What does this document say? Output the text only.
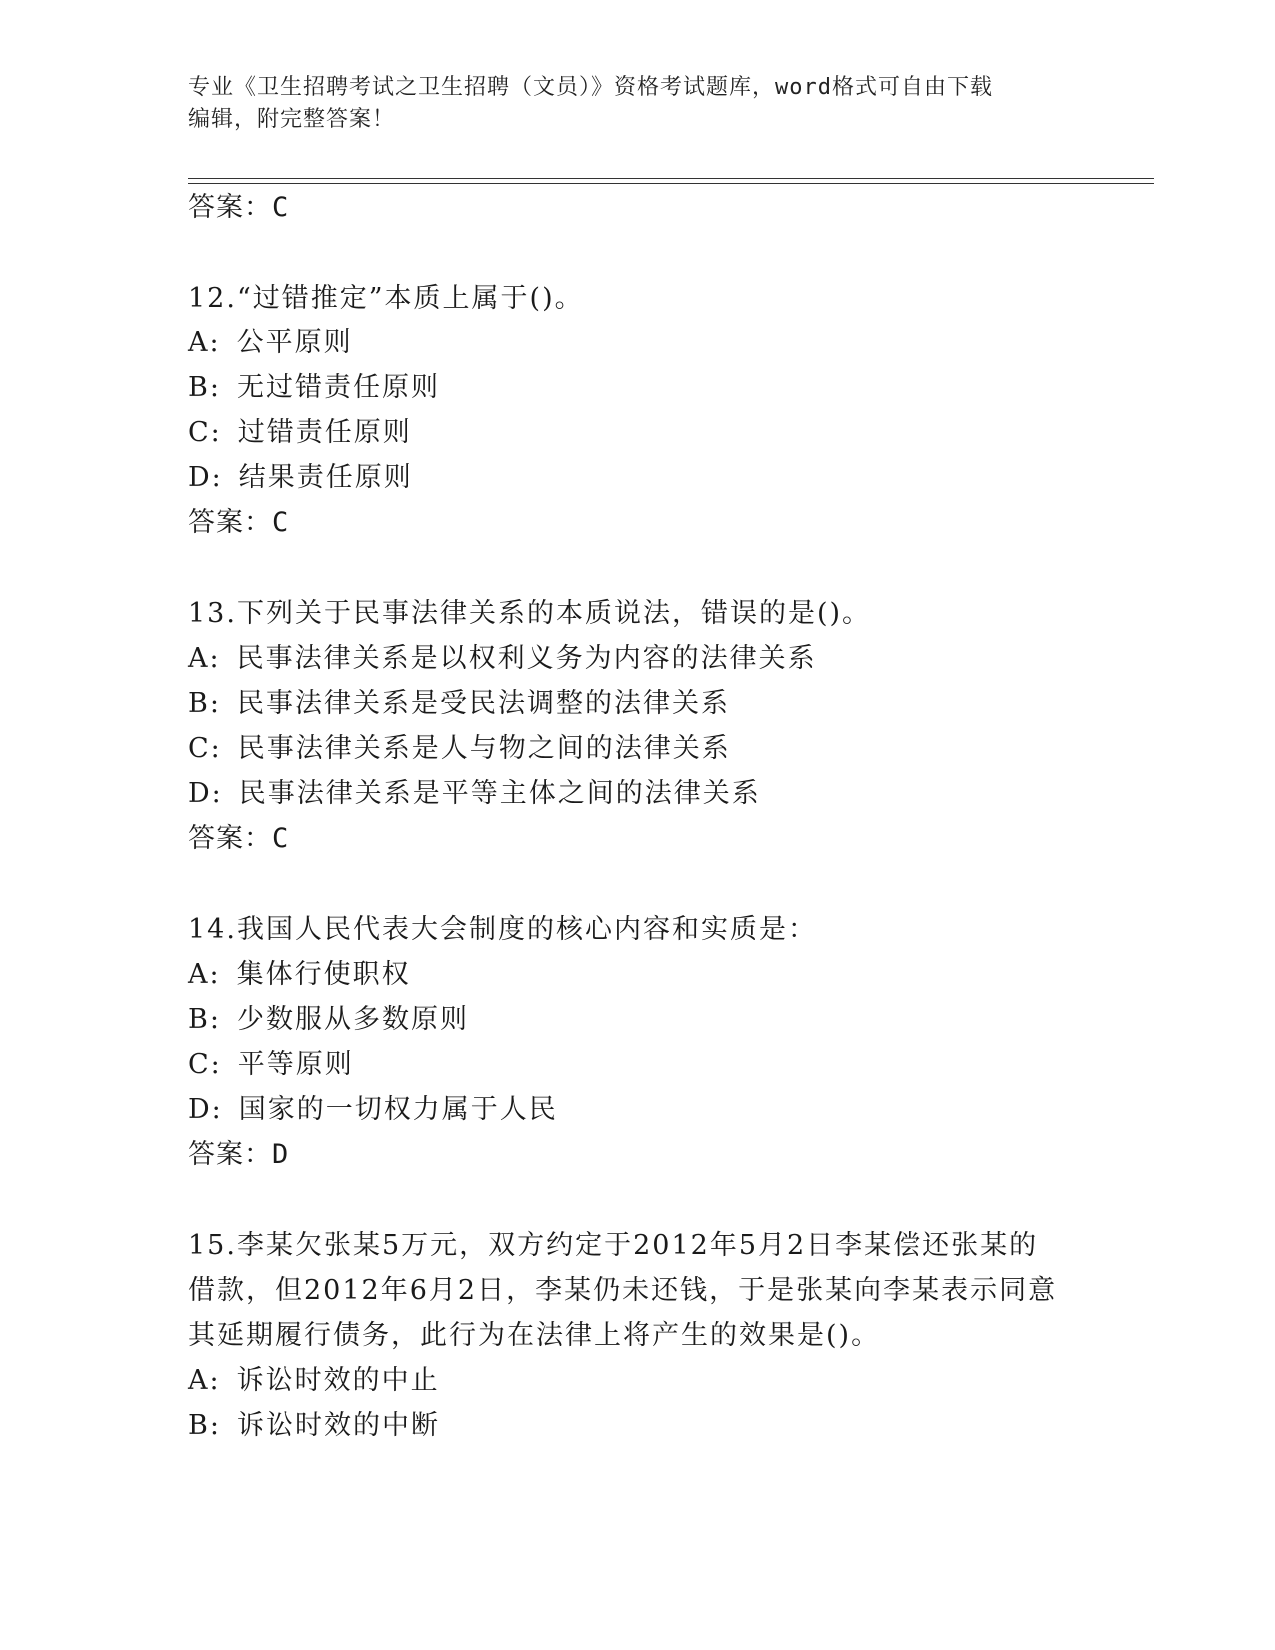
专业《卫生招聘考试之卫生招聘（文员）》资格考试题库，word格式可自由下载
编辑，附完整答案！
答案：C
12.“过错推定”本质上属于()。
A: 公平原则
B: 无过错责任原则
C: 过错责任原则
D: 结果责任原则
答案：C
13.下列关于民事法律关系的本质说法，错误的是()。
A: 民事法律关系是以权利义务为内容的法律关系
B: 民事法律关系是受民法调整的法律关系
C: 民事法律关系是人与物之间的法律关系
D: 民事法律关系是平等主体之间的法律关系
答案：C
14.我国人民代表大会制度的核心内容和实质是：
A: 集体行使职权
B: 少数服从多数原则
C: 平等原则
D: 国家的一切权力属于人民
答案：D
15.李某欠张某5万元，双方约定于2012年5月2日李某偿还张某的
借款，但2012年6月2日，李某仍未还钱，于是张某向李某表示同意
其延期履行债务，此行为在法律上将产生的效果是()。
A: 诉讼时效的中止
B: 诉讼时效的中断
